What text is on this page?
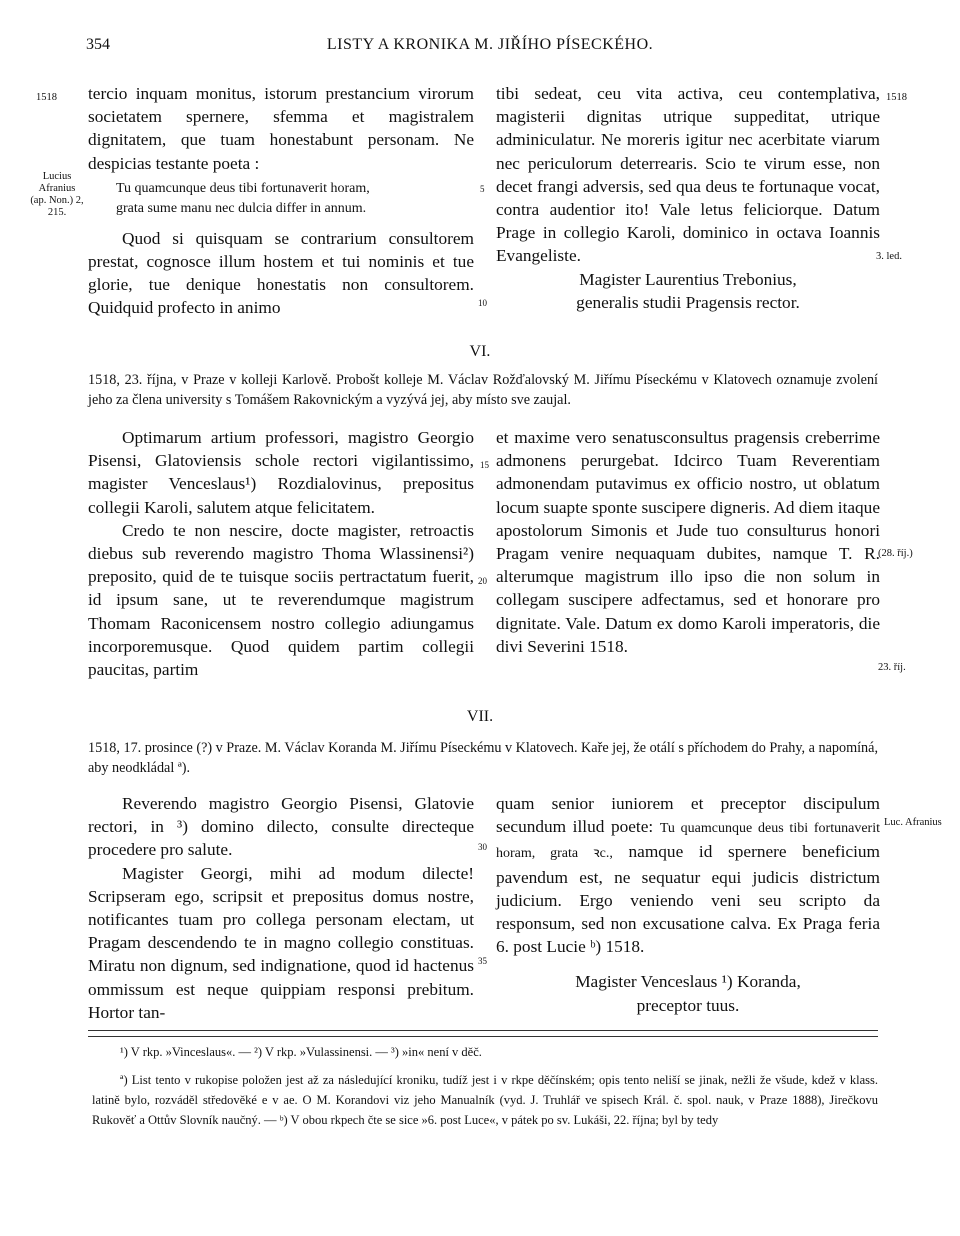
354	LISTY A KRONIKA M. JIŘÍHO PÍSECKÉHO.
1518
Lucius Afranius (ap. Non.) 2, 215.

tercio inquam monitus, istorum prestancium virorum societatem spernere, sfemma et magistralem dignitatem, que tuam honestabunt personam. Ne despicias testante poeta :

Tu quamcunque deus tibi fortunaverit horam,

grata sume manu nec dulcia differ in annum.

Quod si quisquam se contrarium consultorem prestat, cognosce illum hostem et tui nominis et tue glorie, tue denique honestatis non consultorem. Quidquid profecto in animo

5
10

tibi sedeat, ceu vita activa, ceu contemplativa, magisterii dignitas utrique suppeditat, utrique adminiculatur. Ne moreris igitur nec acerbitate viarum nec periculorum deterrearis. Scio te virum esse, non decet frangi adversis, sed qua deus te fortunaque vocat, contra audentior ito! Vale letus feliciorque. Datum Prage in collegio Karoli, dominico in octava Ioannis Evangeliste.

Magister Laurentius Trebonius,

generalis studii Pragensis rector.

1518
3. led.
VI.
1518, 23. října, v Praze v kolleji Karlově. Probošt kolleje M. Václav Rožďalovský M. Jiřímu Píseckému v Klatovech oznamuje zvolení jeho za člena university s Tomášem Rakovnickým a vyzývá jej, aby místo sve zaujal.

Optimarum artium professori, magistro Georgio Pisensi, Glatoviensis schole rectori vigilantissimo, magister Venceslaus¹) Rozdialovinus, prepositus collegii Karoli, salutem atque felicitatem.

Credo te non nescire, docte magister, retroactis diebus sub reverendo magistro Thoma Wlassinensi²) preposito, quid de te tuisque sociis pertractatum fuerit, id ipsum sane, ut te reverendumque magistrum Thomam Raconicensem nostro collegio adiungamus incorporemusque. Quod quidem partim collegii paucitas, partim

15
20

et maxime vero senatusconsultus pragensis creberrime admonens perurgebat. Idcirco Tuam Reverentiam admonendam putavimus ex officio nostro, ut oblatum locum suapte sponte suscipere digneris. Ad diem itaque apostolorum Simonis et Jude tuo consulturus honori Pragam venire nequaquam dubites, namque T. R. alterumque magistrum illo ipso die non solum in collegam suscipere adfectamus, sed et honorare pro dignitate. Vale. Datum ex domo Karoli imperatoris, die divi Severini 1518.

(28. říj.)
23. říj.
VII.
1518, 17. prosince (?) v Praze. M. Václav Koranda M. Jiřímu Píseckému v Klatovech. Kaře jej, že otálí s příchodem do Prahy, a napomíná, aby neodkládal ª).

Reverendo magistro Georgio Pisensi, Glatovie rectori, in ³) domino dilecto, consulte directeque procedere pro salute.

Magister Georgi, mihi ad modum dilecte! Scripseram ego, scripsit et prepositus domus nostre, notificantes tuam pro collega personam electam, ut Pragam descendendo te in magno collegio constituas. Miratu non dignum, sed indignatione, quod id hactenus ommissum est neque quippiam responsi prebitum. Hortor tan-

30
35

quam senior iuniorem et preceptor discipulum secundum illud poete: Tu quamcunque deus tibi fortunaverit horam, grata ꝛc., namque id spernere beneficium pavendum est, ne sequatur equi judicis districtum judicium. Ergo veniendo veni seu scripto da responsum, sed non excusatione calva. Ex Praga feria 6. post Lucie ᵇ) 1518.

Magister Venceslaus ¹) Koranda,

preceptor tuus.

Luc. Afranius
¹) V rkp. »Vinceslaus«. — ²) V rkp. »Vulassinensi. — ³) »in« není v děč.
ª) List tento v rukopise položen jest až za následující kroniku, tudíž jest i v rkpe děčínském; opis tento neliší se jinak, nežli že všude, kdež v klass. latině bylo, rozváděl středověké e v ae. O M. Korandovi viz jeho Manualník (vyd. J. Truhlář ve spisech Král. č. spol. nauk, v Praze 1888), Jirečkovu Rukověť a Ottův Slovník naučný. — ᵇ) V obou rkpech čte se sice »6. post Luce«, v pátek po sv. Lukáši, 22. října; byl by tedy
